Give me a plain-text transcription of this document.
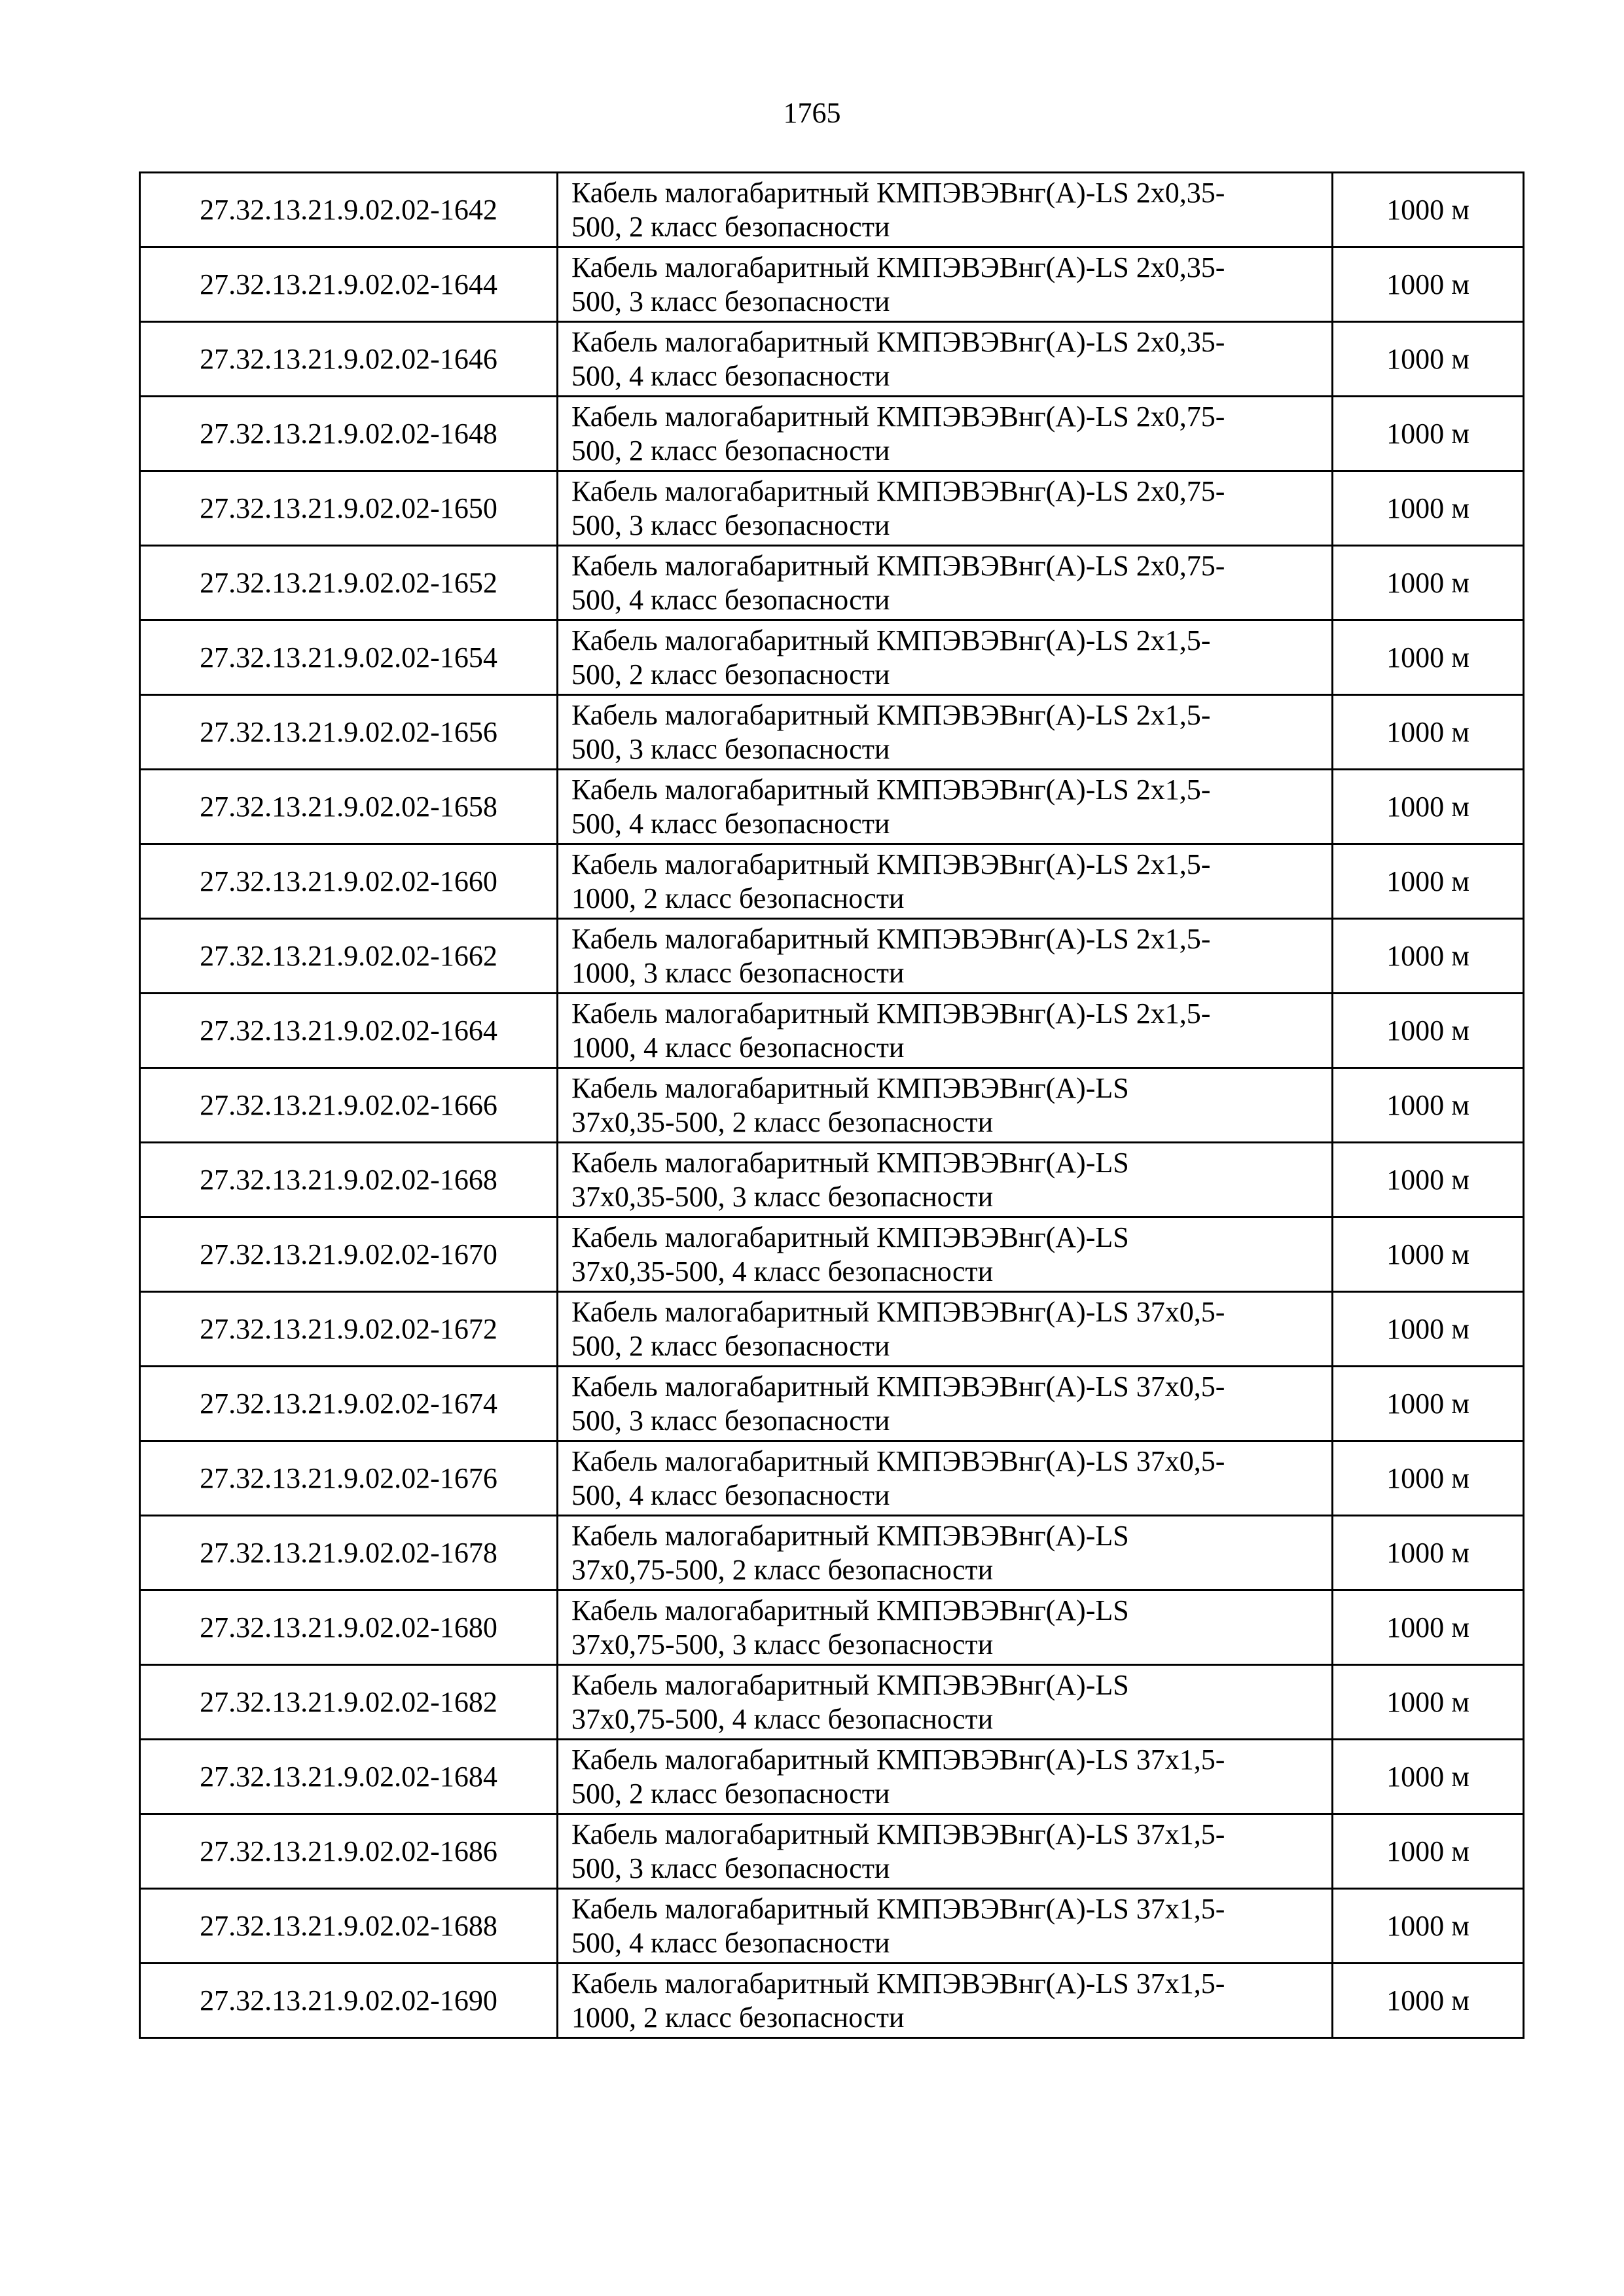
1765
27.32.13.21.9.02.02-1642	Кабель малогабаритный КМПЭВЭВнг(А)-LS 2х0,35-
500, 2 класс безопасности	1000 м
27.32.13.21.9.02.02-1644	Кабель малогабаритный КМПЭВЭВнг(А)-LS 2х0,35-
500, 3 класс безопасности	1000 м
27.32.13.21.9.02.02-1646	Кабель малогабаритный КМПЭВЭВнг(А)-LS 2х0,35-
500, 4 класс безопасности	1000 м
27.32.13.21.9.02.02-1648	Кабель малогабаритный КМПЭВЭВнг(А)-LS 2х0,75-
500, 2 класс безопасности	1000 м
27.32.13.21.9.02.02-1650	Кабель малогабаритный КМПЭВЭВнг(А)-LS 2х0,75-
500, 3 класс безопасности	1000 м
27.32.13.21.9.02.02-1652	Кабель малогабаритный КМПЭВЭВнг(А)-LS 2х0,75-
500, 4 класс безопасности	1000 м
27.32.13.21.9.02.02-1654	Кабель малогабаритный КМПЭВЭВнг(А)-LS 2х1,5-
500, 2 класс безопасности	1000 м
27.32.13.21.9.02.02-1656	Кабель малогабаритный КМПЭВЭВнг(А)-LS 2х1,5-
500, 3 класс безопасности	1000 м
27.32.13.21.9.02.02-1658	Кабель малогабаритный КМПЭВЭВнг(А)-LS 2х1,5-
500, 4 класс безопасности	1000 м
27.32.13.21.9.02.02-1660	Кабель малогабаритный КМПЭВЭВнг(А)-LS 2х1,5-
1000, 2 класс безопасности	1000 м
27.32.13.21.9.02.02-1662	Кабель малогабаритный КМПЭВЭВнг(А)-LS 2х1,5-
1000, 3 класс безопасности	1000 м
27.32.13.21.9.02.02-1664	Кабель малогабаритный КМПЭВЭВнг(А)-LS 2х1,5-
1000, 4 класс безопасности	1000 м
27.32.13.21.9.02.02-1666	Кабель малогабаритный КМПЭВЭВнг(А)-LS
37х0,35-500, 2 класс безопасности	1000 м
27.32.13.21.9.02.02-1668	Кабель малогабаритный КМПЭВЭВнг(А)-LS
37х0,35-500, 3 класс безопасности	1000 м
27.32.13.21.9.02.02-1670	Кабель малогабаритный КМПЭВЭВнг(А)-LS
37х0,35-500, 4 класс безопасности	1000 м
27.32.13.21.9.02.02-1672	Кабель малогабаритный КМПЭВЭВнг(А)-LS 37х0,5-
500, 2 класс безопасности	1000 м
27.32.13.21.9.02.02-1674	Кабель малогабаритный КМПЭВЭВнг(А)-LS 37х0,5-
500, 3 класс безопасности	1000 м
27.32.13.21.9.02.02-1676	Кабель малогабаритный КМПЭВЭВнг(А)-LS 37х0,5-
500, 4 класс безопасности	1000 м
27.32.13.21.9.02.02-1678	Кабель малогабаритный КМПЭВЭВнг(А)-LS
37х0,75-500, 2 класс безопасности	1000 м
27.32.13.21.9.02.02-1680	Кабель малогабаритный КМПЭВЭВнг(А)-LS
37х0,75-500, 3 класс безопасности	1000 м
27.32.13.21.9.02.02-1682	Кабель малогабаритный КМПЭВЭВнг(А)-LS
37х0,75-500, 4 класс безопасности	1000 м
27.32.13.21.9.02.02-1684	Кабель малогабаритный КМПЭВЭВнг(А)-LS 37х1,5-
500, 2 класс безопасности	1000 м
27.32.13.21.9.02.02-1686	Кабель малогабаритный КМПЭВЭВнг(А)-LS 37х1,5-
500, 3 класс безопасности	1000 м
27.32.13.21.9.02.02-1688	Кабель малогабаритный КМПЭВЭВнг(А)-LS 37х1,5-
500, 4 класс безопасности	1000 м
27.32.13.21.9.02.02-1690	Кабель малогабаритный КМПЭВЭВнг(А)-LS 37х1,5-
1000, 2 класс безопасности	1000 м
